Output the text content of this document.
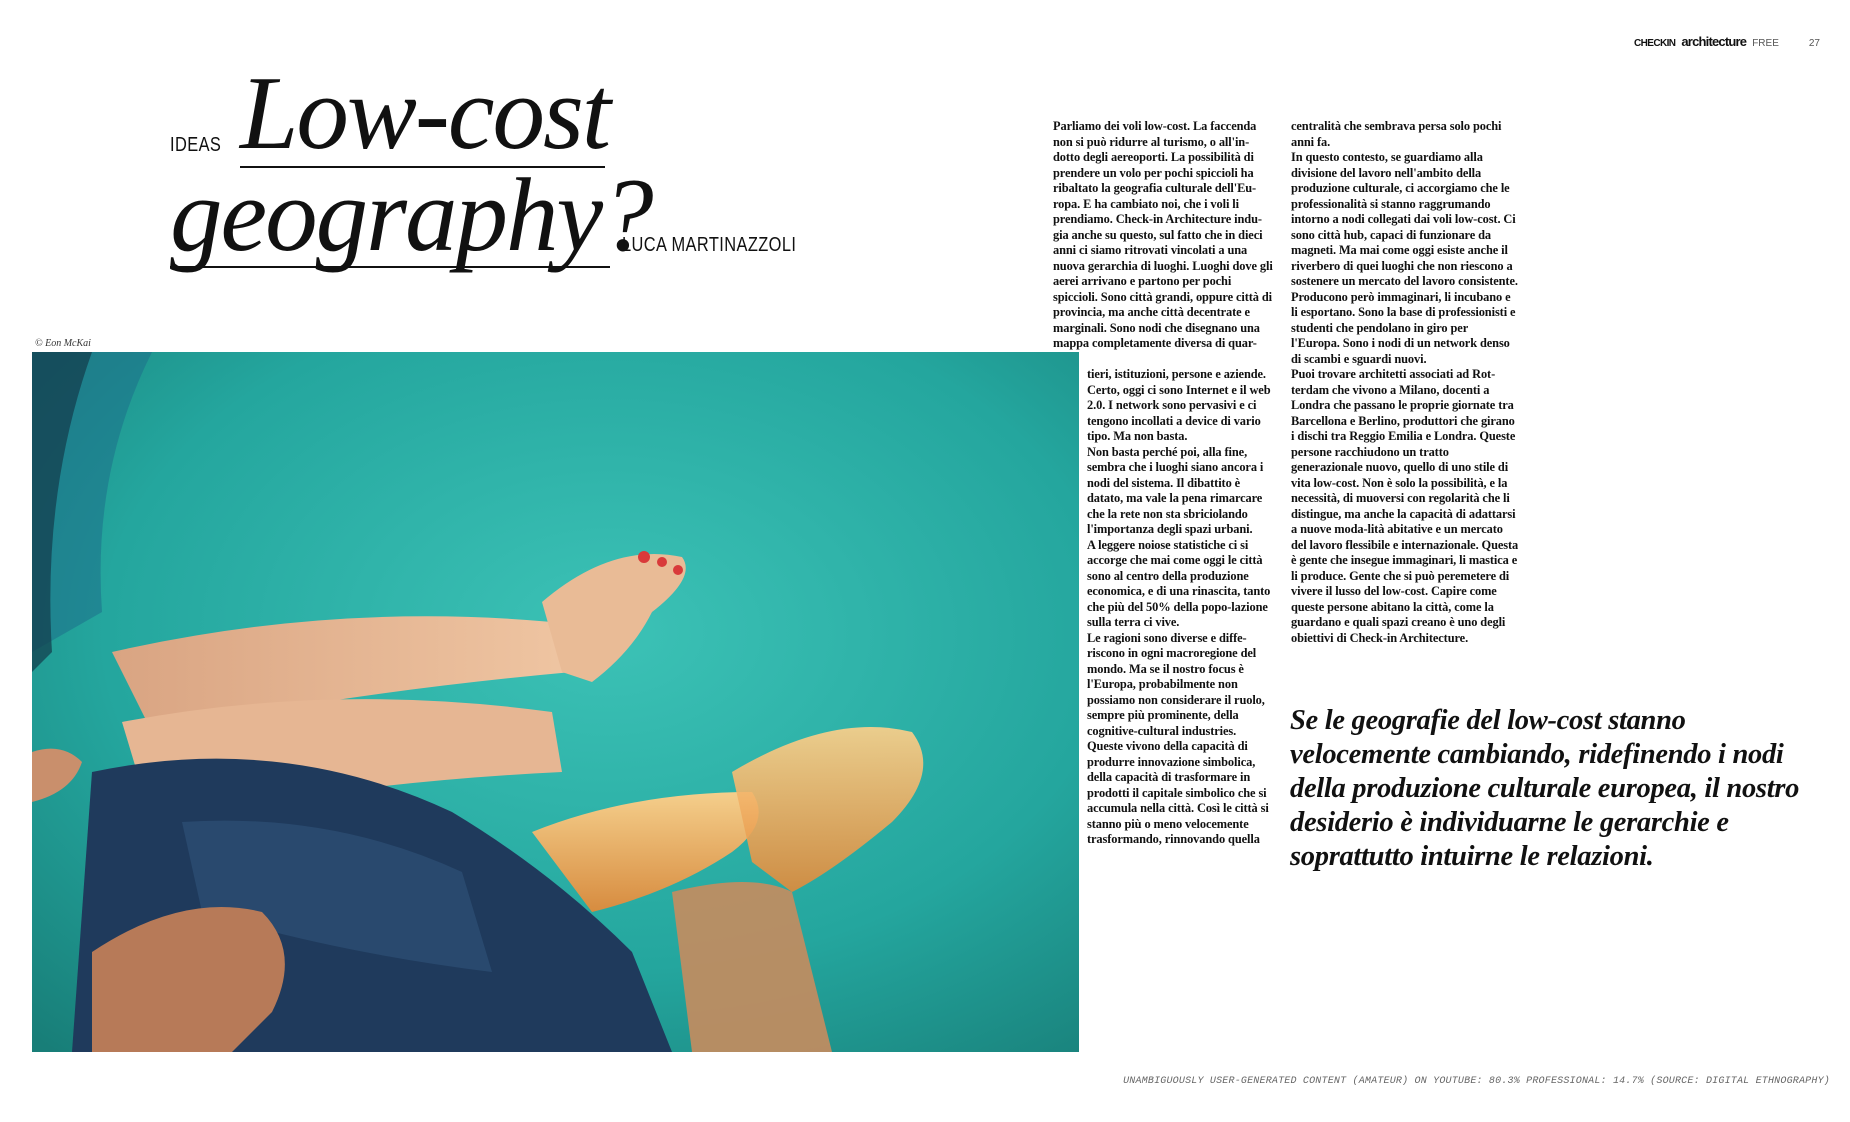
CHECKIN architecture FREE	27
IDEAS Low-cost
geography?
LUCA MARTINAZZOLI
© Eon McKai

Parliamo dei voli low-cost. La faccenda non si può ridurre al turismo, o all'in-dotto degli aereoporti. La possibilità di prendere un volo per pochi spiccioli ha ribaltato la geografia culturale dell'Eu-ropa. E ha cambiato noi, che i voli li prendiamo. Check-in Architecture indu-gia anche su questo, sul fatto che in dieci anni ci siamo ritrovati vincolati a una nuova gerarchia di luoghi. Luoghi dove gli aerei arrivano e partono per pochi spiccioli. Sono città grandi, oppure città di provincia, ma anche città decentrate e marginali. Sono nodi che disegnano una mappa completamente diversa di quar-

tieri, istituzioni, persone e aziende. Certo, oggi ci sono Internet e il web 2.0. I network sono pervasivi e ci tengono incollati a device di vario tipo. Ma non basta.

Non basta perché poi, alla fine, sembra che i luoghi siano ancora i nodi del sistema. Il dibattito è datato, ma vale la pena rimarcare che la rete non sta sbriciolando l'importanza degli spazi urbani.

A leggere noiose statistiche ci si accorge che mai come oggi le città sono al centro della produzione economica, e di una rinascita, tanto che più del 50% della popo-lazione sulla terra ci vive.

Le ragioni sono diverse e diffe-riscono in ogni macroregione del mondo. Ma se il nostro focus è l'Europa, probabilmente non possiamo non considerare il ruolo, sempre più prominente, della cognitive-cultural industries. Queste vivono della capacità di produrre innovazione simbolica, della capacità di trasformare in prodotti il capitale simbolico che si accumula nella città. Così le città si stanno più o meno velocemente trasformando, rinnovando quella

centralità che sembrava persa solo pochi anni fa.

In questo contesto, se guardiamo alla divisione del lavoro nell'ambito della produzione culturale, ci accorgiamo che le professionalità si stanno raggrumando intorno a nodi collegati dai voli low-cost. Ci sono città hub, capaci di funzionare da magneti. Ma mai come oggi esiste anche il riverbero di quei luoghi che non riescono a sostenere un mercato del lavoro consistente. Producono però immaginari, li incubano e li esportano. Sono la base di professionisti e studenti che pendolano in giro per l'Europa. Sono i nodi di un network denso di scambi e sguardi nuovi.

Puoi trovare architetti associati ad Rot-terdam che vivono a Milano, docenti a Londra che passano le proprie giornate tra Barcellona e Berlino, produttori che girano i dischi tra Reggio Emilia e Londra. Queste persone racchiudono un tratto generazionale nuovo, quello di uno stile di vita low-cost. Non è solo la possibilità, e la necessità, di muoversi con regolarità che li distingue, ma anche la capacità di adattarsi a nuove moda-lità abitative e un mercato del lavoro flessibile e internazionale. Questa è gente che insegue immaginari, li mastica e li produce. Gente che si può peremetere di vivere il lusso del low-cost. Capire come queste persone abitano la città, come la guardano e quali spazi creano è uno degli obiettivi di Check-in Architecture.

Se le geografie del low-cost stanno velocemente cambiando, ridefinendo i nodi della produzione culturale europea, il nostro desiderio è individuarne le gerarchie e soprattutto intuirne le relazioni.
UNAMBIGUOUSLY USER-GENERATED CONTENT (AMATEUR) ON YOUTUBE: 80.3% PROFESSIONAL: 14.7% (SOURCE: DIGITAL ETHNOGRAPHY)
